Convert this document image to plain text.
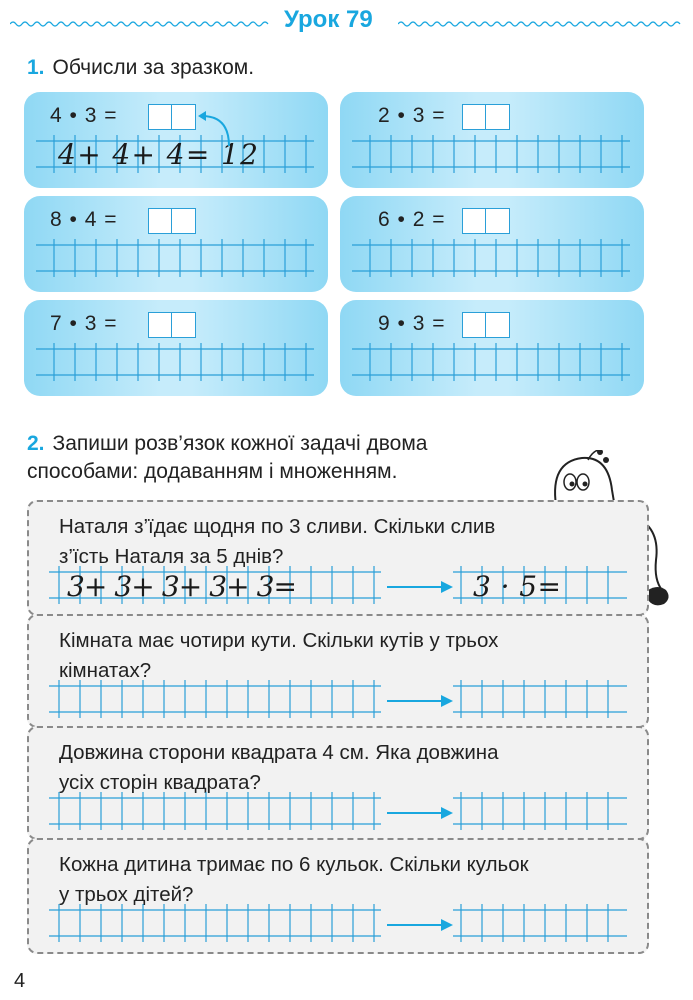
Урок 79
1. Обчисли за зразком.
4 • 3 =
4+ 4+ 4= 12
2 • 3 =
8 • 4 =	6 • 2 =
7 • 3 =	9 • 3 =
2. Запиши розв’язок кожної задачі двома
способами: додаванням і множенням.
Наталя з’їдає щодня по 3 сливи. Скільки слив
з’їсть Наталя за 5 днів?
3+ 3+ 3+ 3+ 3=	3 · 5=
Кімната має чотири кути. Скільки кутів у трьох
кімнатах?
Довжина сторони квадрата 4 см. Яка довжина
усіх сторін квадрата?
Кожна дитина тримає по 6 кульок. Скільки кульок
у трьох дітей?
4
